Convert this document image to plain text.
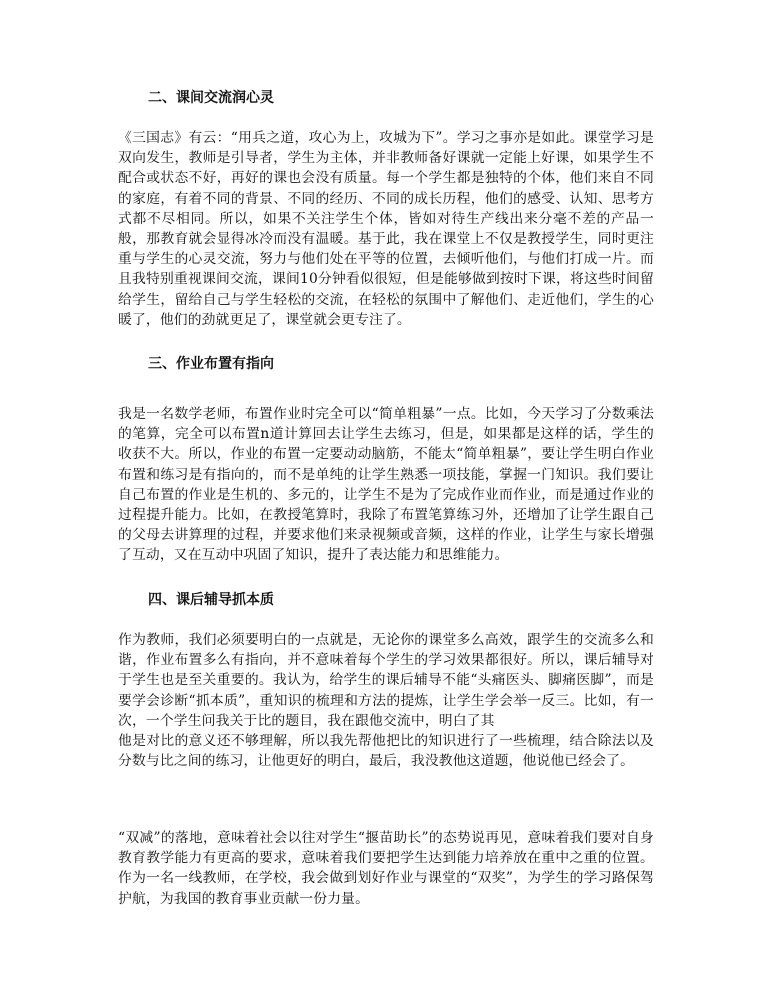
二、课间交流润心灵

《三国志》有云：“用兵之道，攻心为上，攻城为下”。学习之事亦是如此。课堂学习是双向发生，教师是引导者，学生为主体，并非教师备好课就一定能上好课，如果学生不配合或状态不好，再好的课也会没有质量。每一个学生都是独特的个体，他们来自不同的家庭，有着不同的背景、不同的经历、不同的成长历程，他们的感受、认知、思考方式都不尽相同。所以，如果不关注学生个体，皆如对待生产线出来分毫不差的产品一般，那教育就会显得冰冷而没有温暖。基于此，我在课堂上不仅是教授学生，同时更注重与学生的心灵交流，努力与他们处在平等的位置，去倾听他们，与他们打成一片。而且我特别重视课间交流，课间10分钟看似很短，但是能够做到按时下课，将这些时间留给学生，留给自己与学生轻松的交流，在轻松的氛围中了解他们、走近他们，学生的心暖了，他们的劲就更足了，课堂就会更专注了。

三、作业布置有指向

我是一名数学老师，布置作业时完全可以“简单粗暴”一点。比如，今天学习了分数乘法的笔算，完全可以布置n道计算回去让学生去练习，但是，如果都是这样的话，学生的收获不大。所以，作业的布置一定要动动脑筋，不能太“简单粗暴”，要让学生明白作业布置和练习是有指向的，而不是单纯的让学生熟悉一项技能，掌握一门知识。我们要让自己布置的作业是生机的、多元的，让学生不是为了完成作业而作业，而是通过作业的过程提升能力。比如，在教授笔算时，我除了布置笔算练习外，还增加了让学生跟自己的父母去讲算理的过程，并要求他们来录视频或音频，这样的作业，让学生与家长增强了互动，又在互动中巩固了知识，提升了表达能力和思维能力。

四、课后辅导抓本质

作为教师，我们必须要明白的一点就是，无论你的课堂多么高效，跟学生的交流多么和谐，作业布置多么有指向，并不意味着每个学生的学习效果都很好。所以，课后辅导对于学生也是至关重要的。我认为，给学生的课后辅导不能“头痛医头、脚痛医脚”，而是要学会诊断“抓本质”，重知识的梳理和方法的提炼，让学生学会举一反三。比如，有一次，一个学生问我关于比的题目，我在跟他交流中，明白了其
他是对比的意义还不够理解，所以我先帮他把比的知识进行了一些梳理，结合除法以及分数与比之间的练习，让他更好的明白，最后，我没教他这道题，他说他已经会了。

“双减”的落地，意味着社会以往对学生“揠苗助长”的态势说再见，意味着我们要对自身教育教学能力有更高的要求，意味着我们要把学生达到能力培养放在重中之重的位置。作为一名一线教师，在学校，我会做到划好作业与课堂的“双奖”，为学生的学习路保驾护航，为我国的教育事业贡献一份力量。
